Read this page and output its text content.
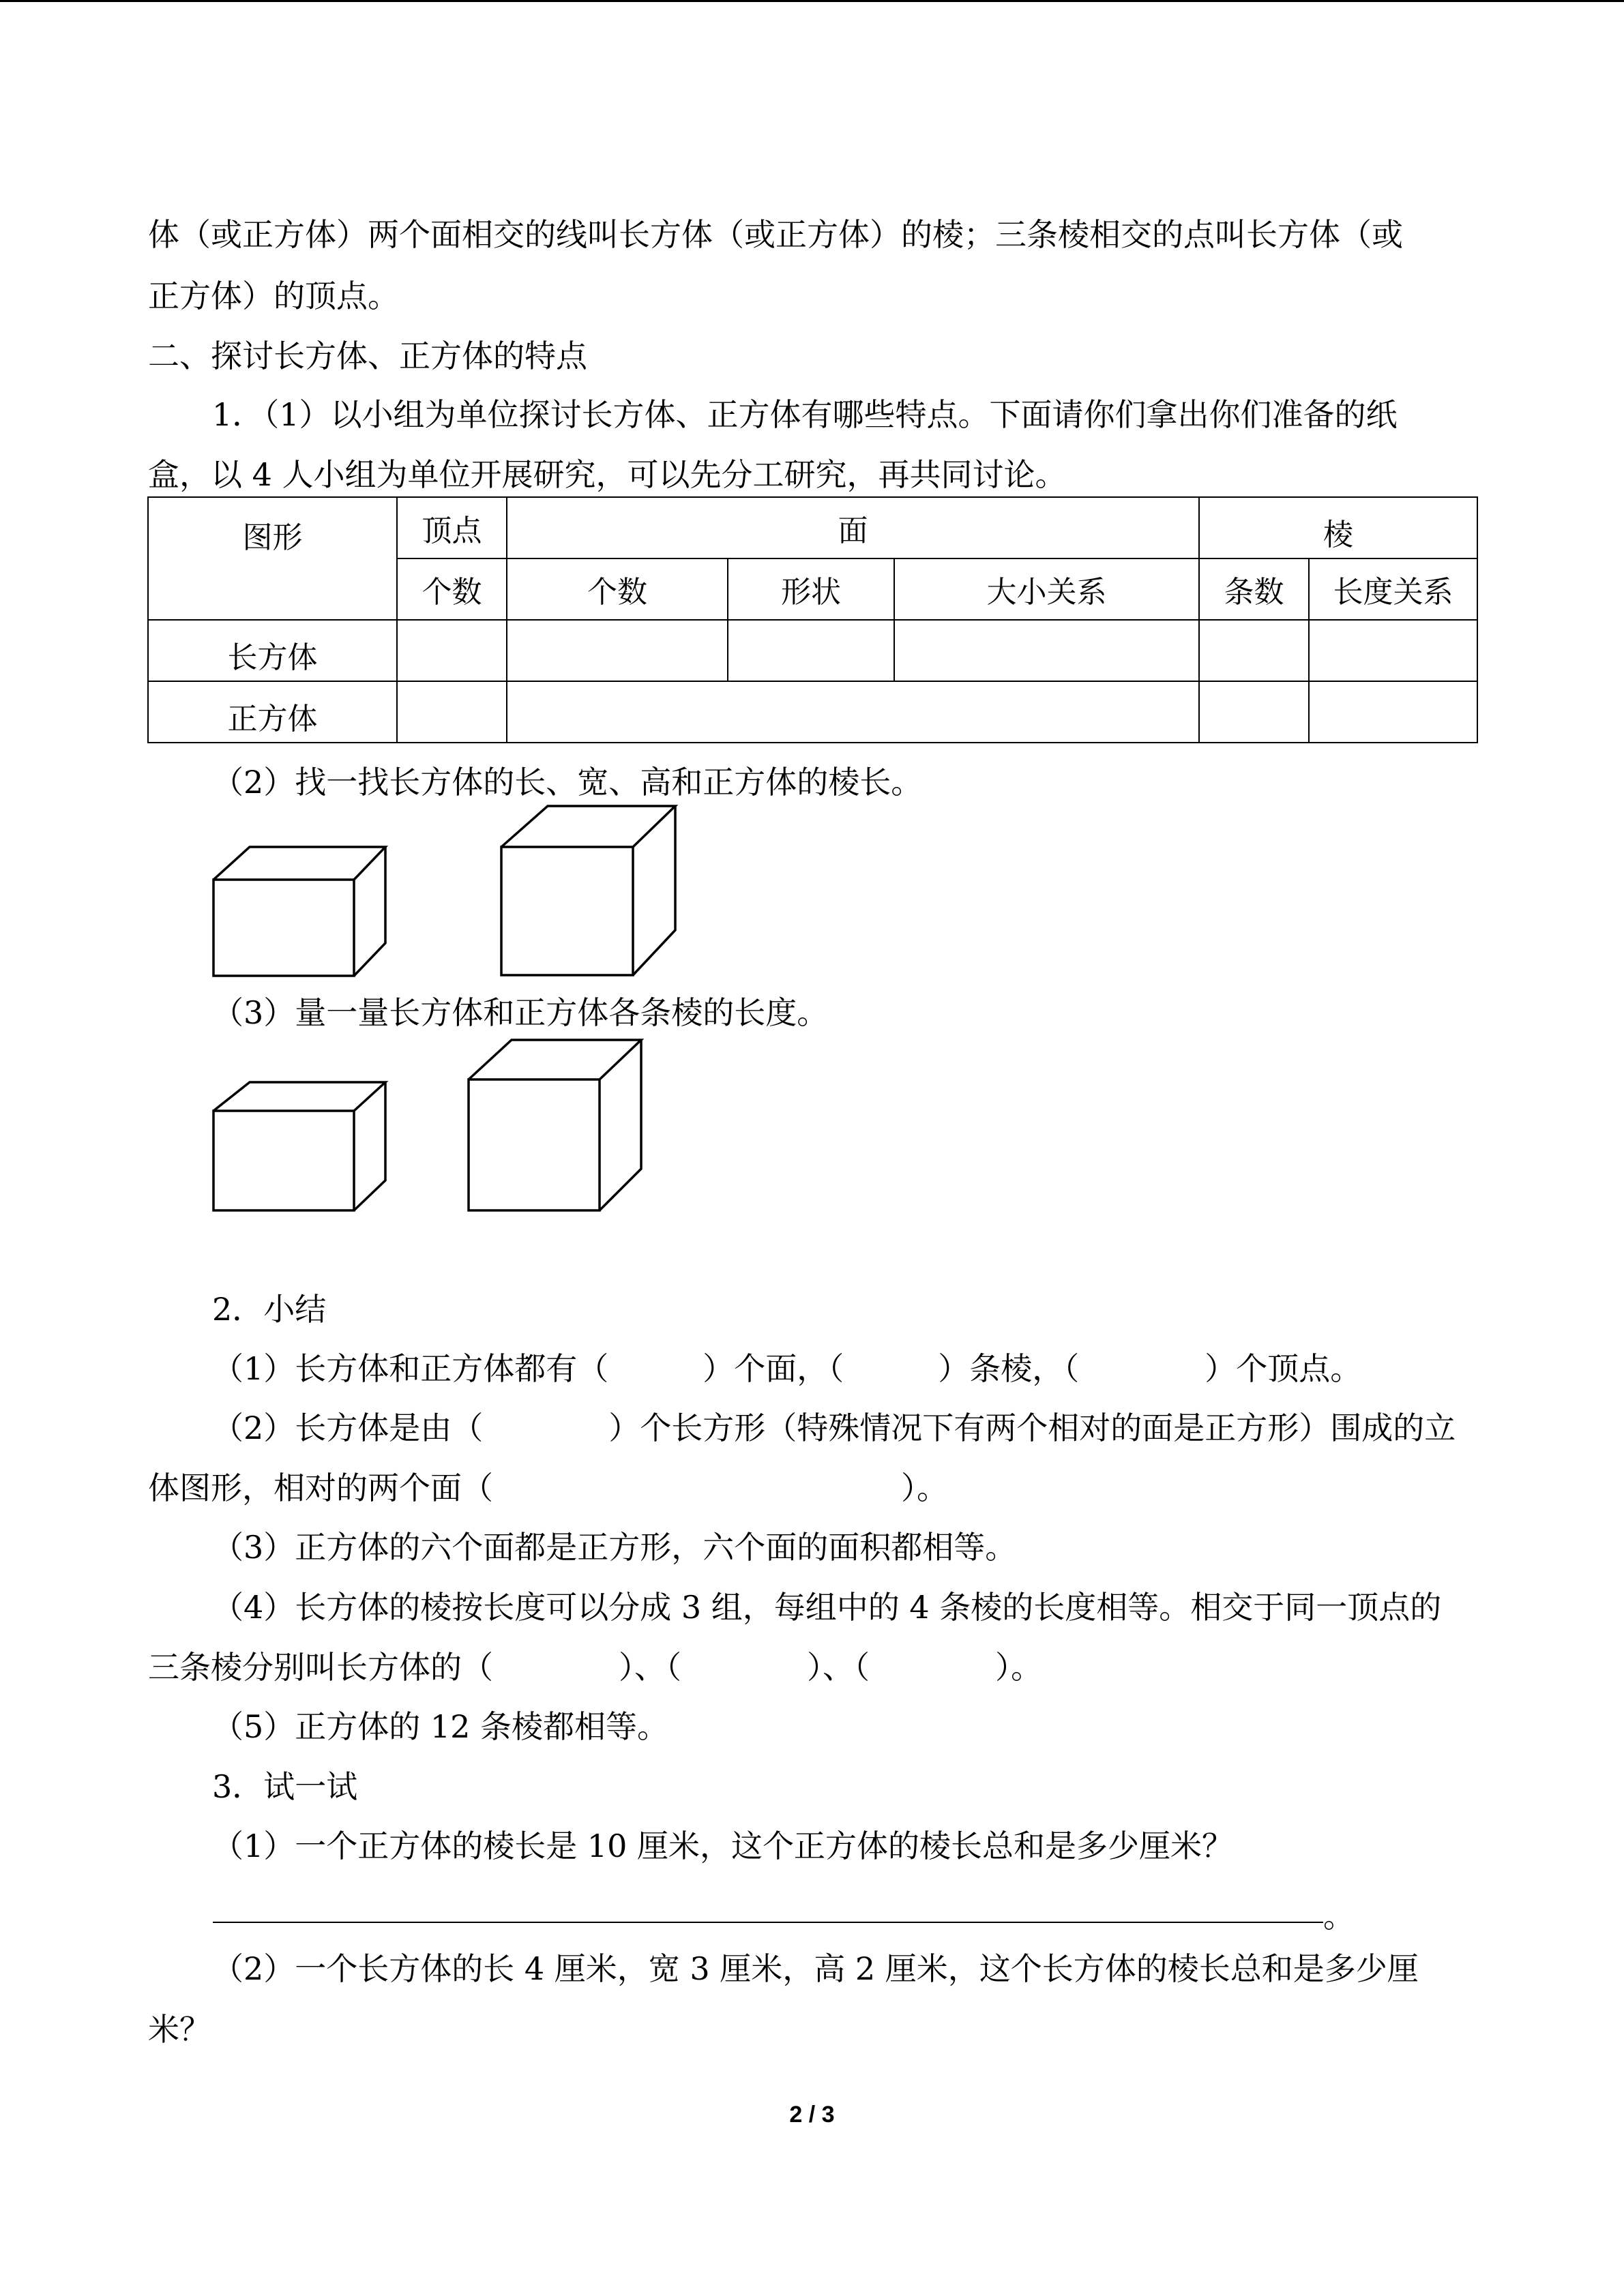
体（或正方体）两个面相交的线叫长方体（或正方体）的棱；三条棱相交的点叫长方体（或

正方体）的顶点。

二、探讨长方体、正方体的特点

1．（1）以小组为单位探讨长方体、正方体有哪些特点。下面请你们拿出你们准备的纸

盒，以 4 人小组为单位开展研究，可以先分工研究，再共同讨论。

图形	顶点	面			棱		
	个数	个数	形状	大小关系	条数	长度关系	
长方体							
正方体							

（2）找一找长方体的长、宽、高和正方体的棱长。

（3）量一量长方体和正方体各条棱的长度。

2．小结

（1）长方体和正方体都有（　　　）个面，（　　　）条棱，（　　　　）个顶点。

（2）长方体是由（　　　　）个长方形（特殊情况下有两个相对的面是正方形）围成的立

体图形，相对的两个面（　　　　　　　　　　　　　）。

（3）正方体的六个面都是正方形，六个面的面积都相等。

（4）长方体的棱按长度可以分成 3 组，每组中的 4 条棱的长度相等。相交于同一顶点的

三条棱分别叫长方体的（　　　　）、（　　　　）、（　　　　）。

（5）正方体的 12 条棱都相等。

3．试一试

（1）一个正方体的棱长是 10 厘米，这个正方体的棱长总和是多少厘米？

。

（2）一个长方体的长 4 厘米，宽 3 厘米，高 2 厘米，这个长方体的棱长总和是多少厘

米？

2 / 3
